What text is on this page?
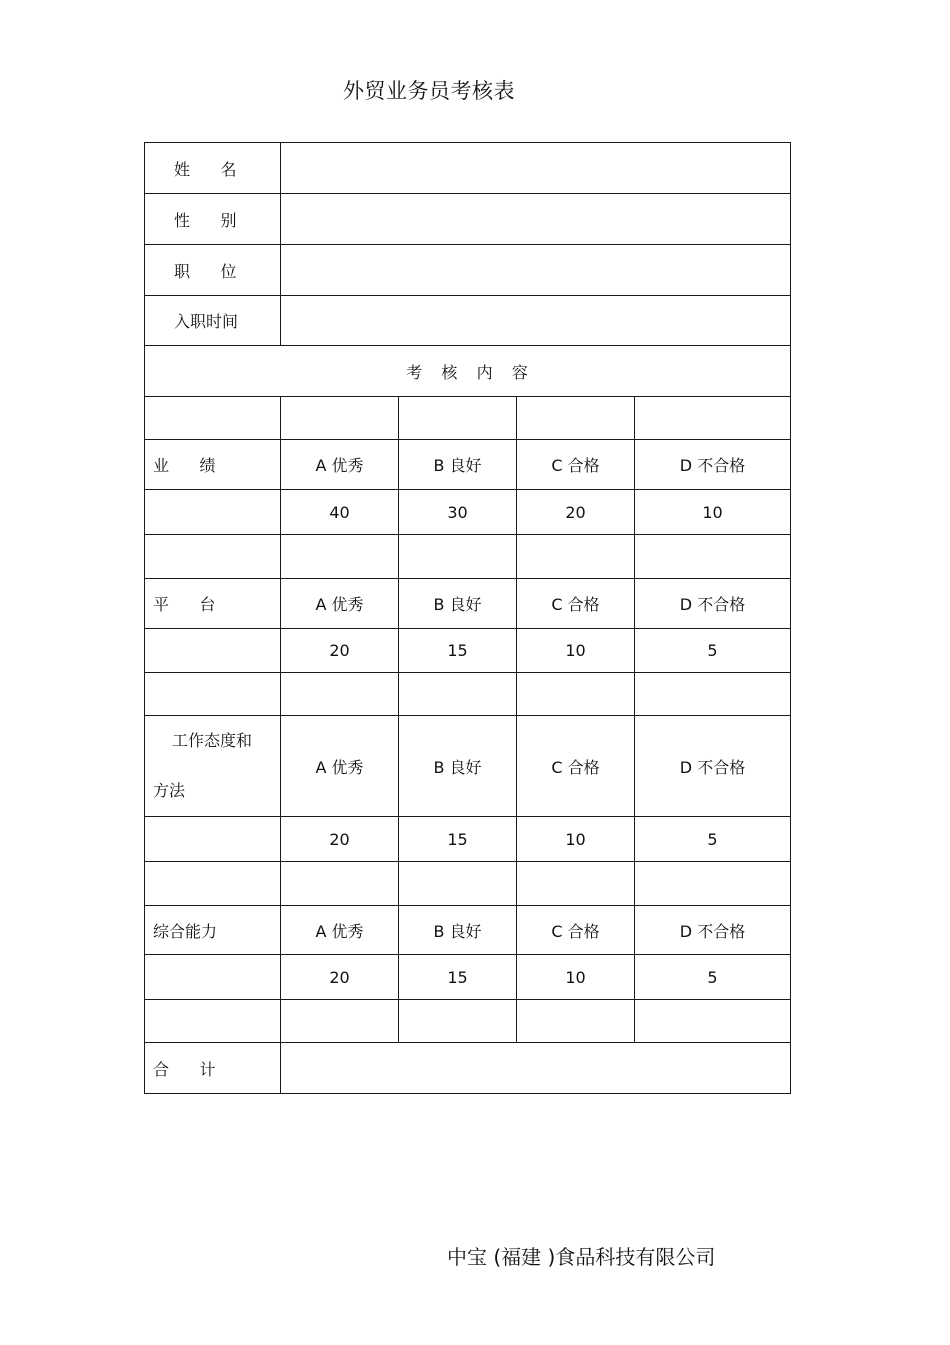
外贸业务员考核表
姓      名				
性      别				
职      位				
入职时间				
考   核   内   容				

业      绩	A 优秀	B 良好	C 合格	D 不合格
	40	30	20	10

平      台	A 优秀	B 良好	C 合格	D 不合格
	20	15	10	5

工作态度和
方法	A 优秀	B 良好	C 合格	D 不合格
	20	15	10	5

综合能力	A 优秀	B 良好	C 合格	D 不合格
	20	15	10	5

合      计				
中宝 (福建 )食品科技有限公司
